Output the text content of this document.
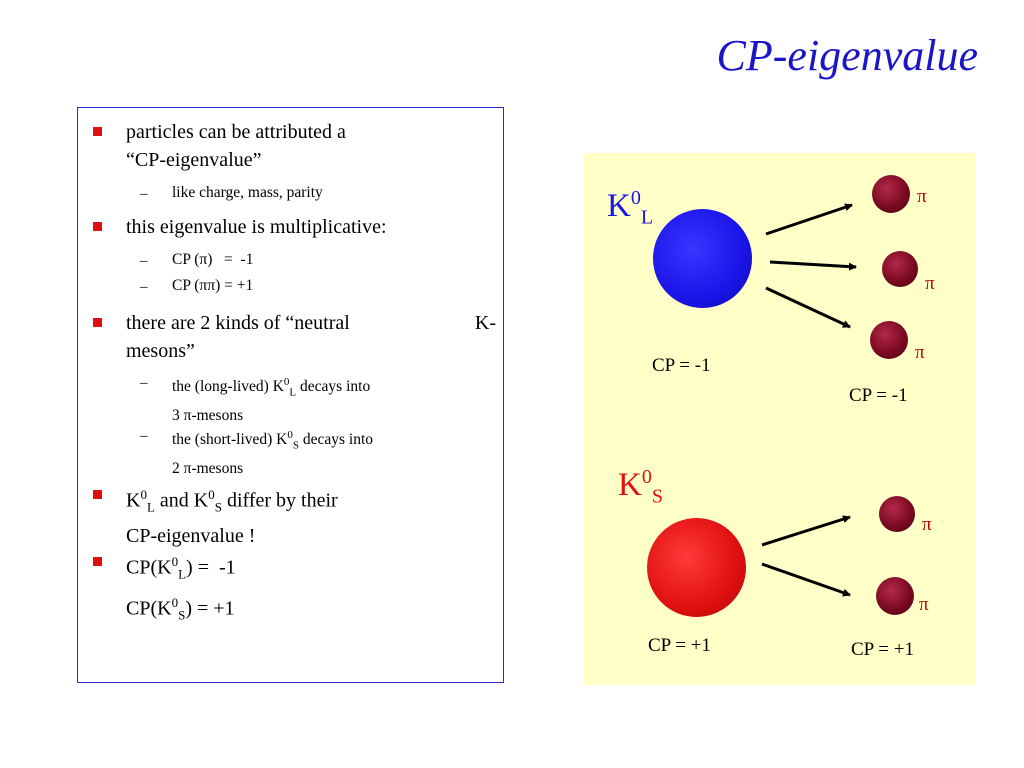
CP-eigenvalue
particles can be attributed a
“CP-eigenvalue”
– like charge, mass, parity
this eigenvalue is multiplicative:
– CP (π)   =  -1
– CP (ππ) = +1
there are 2 kinds of “neutral	K-

mesons”
– the (long-lived) $K^0_L$ decays into
3 π-mesons
– the (short-lived) $K^0_S$ decays into
2 π-mesons
$K^0_L$ and $K^0_S$ differ by their
CP-eigenvalue !
$CP(K^0_L) = -1$
$CP(K^0_S) = +1$
$K^0_L$
CP = -1
π
π
π
CP = -1
$K^0_S$
CP = +1
π
π
CP = +1
